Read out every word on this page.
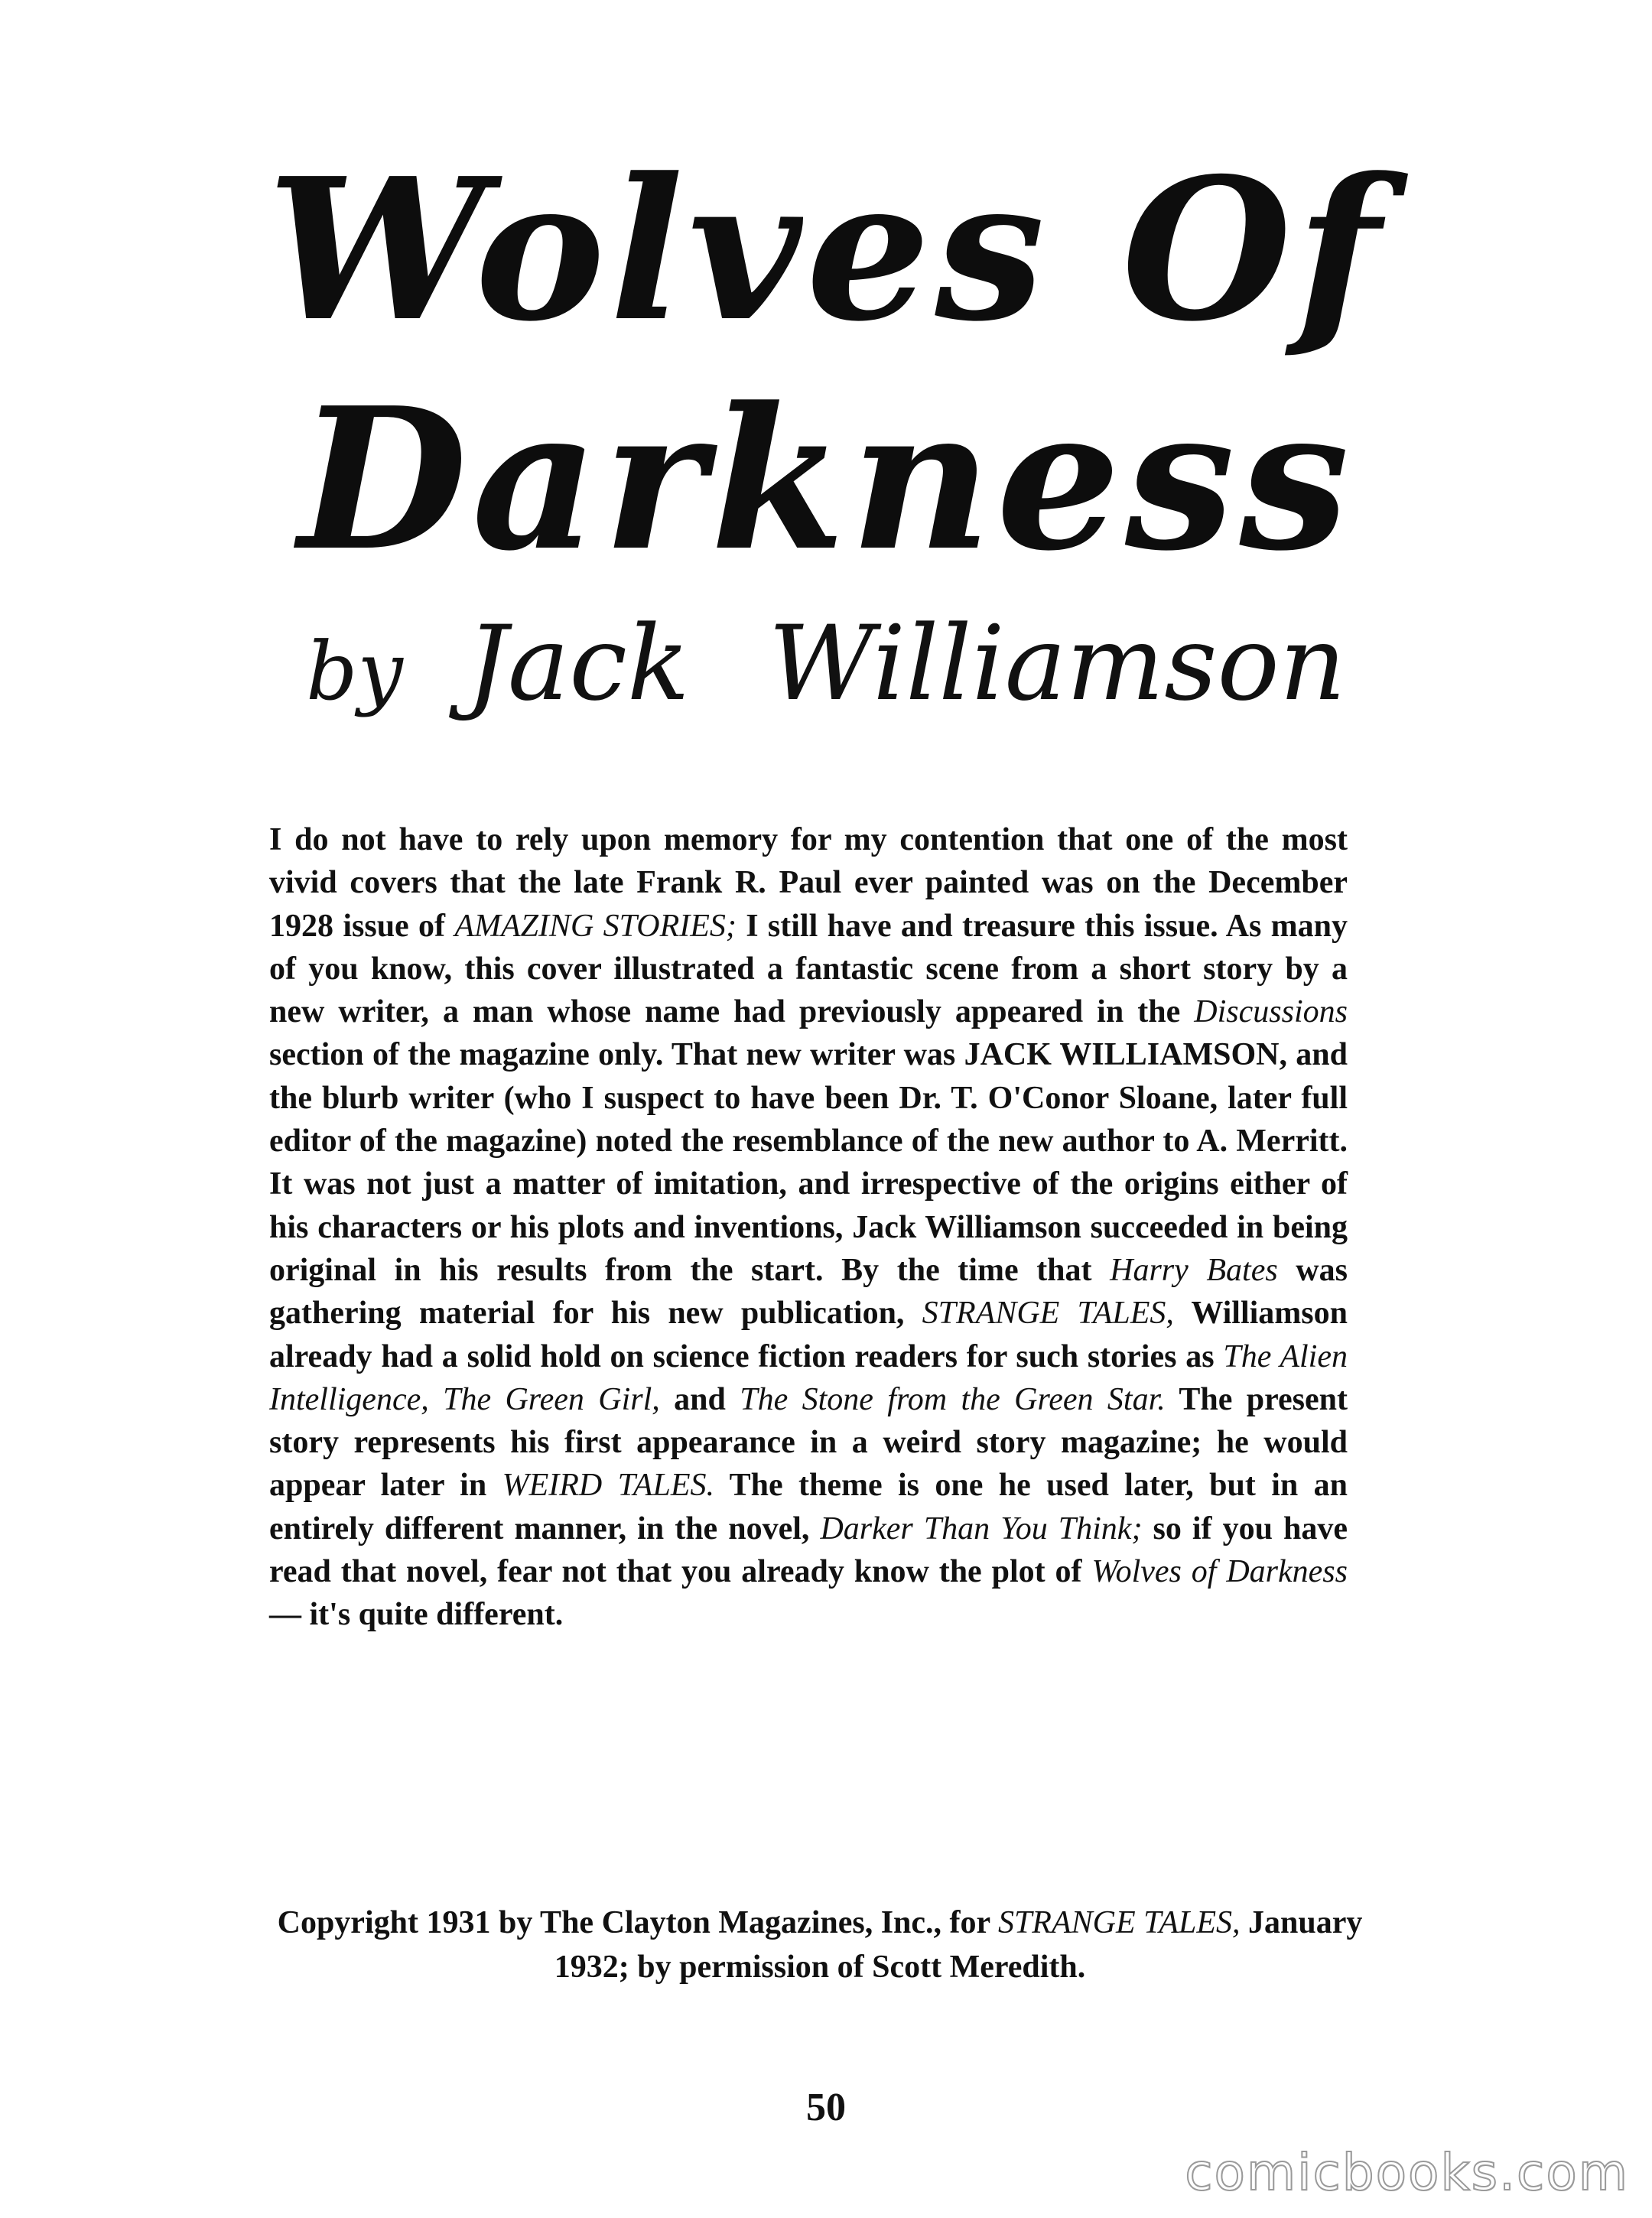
Wolves Of
Darkness
by Jack Williamson

I do not have to rely upon memory for my contention that one of the most vivid covers that the late Frank R. Paul ever painted was on the December 1928 issue of AMAZING STORIES; I still have and treasure this issue. As many of you know, this cover illustrated a fantastic scene from a short story by a new writer, a man whose name had previously appeared in the Discussions section of the magazine only. That new writer was JACK WILLIAMSON, and the blurb writer (who I suspect to have been Dr. T. O'Conor Sloane, later full editor of the magazine) noted the resemblance of the new author to A. Merritt. It was not just a matter of imitation, and irrespective of the origins either of his characters or his plots and inventions, Jack Williamson succeeded in being original in his results from the start. By the time that Harry Bates was gathering material for his new publication, STRANGE TALES, Williamson already had a solid hold on science fiction readers for such stories as The Alien Intelligence, The Green Girl, and The Stone from the Green Star. The present story represents his first appearance in a weird story magazine; he would appear later in WEIRD TALES. The theme is one he used later, but in an entirely different manner, in the novel, Darker Than You Think; so if you have read that novel, fear not that you already know the plot of Wolves of Darkness — it's quite different.

Copyright 1931 by The Clayton Magazines, Inc., for STRANGE TALES, January 1932; by permission of Scott Meredith.

50
comicbooks.com
